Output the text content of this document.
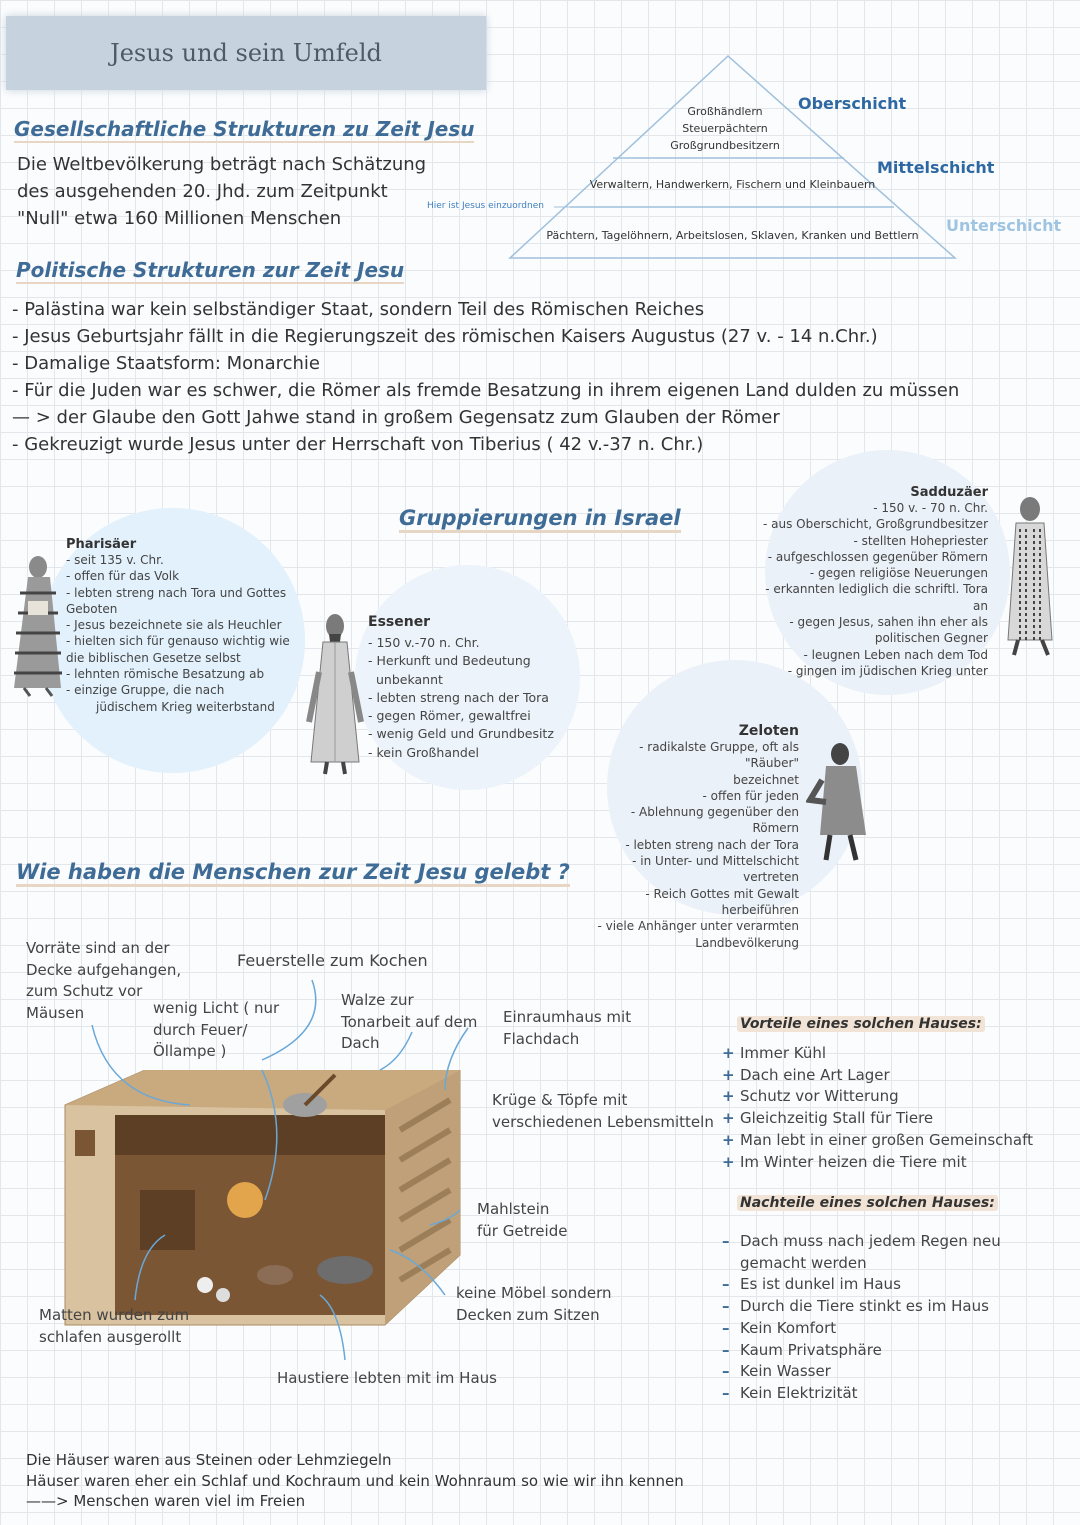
Jesus und sein Umfeld
Gesellschaftliche Strukturen zu Zeit Jesu
Die Weltbevölkerung beträgt nach Schätzung
des ausgehenden 20. Jhd. zum Zeitpunkt
"Null" etwa 160 Millionen Menschen
Großhändlern
Steuerpächtern
Großgrundbesitzern
Verwaltern, Handwerkern, Fischern und Kleinbauern
Pächtern, Tagelöhnern, Arbeitslosen, Sklaven, Kranken und Bettlern
Hier ist Jesus einzuordnen
Oberschicht
Mittelschicht
Unterschicht
Politische Strukturen zur Zeit Jesu
- Palästina war kein selbständiger Staat, sondern Teil des Römischen Reiches
- Jesus Geburtsjahr fällt in die Regierungszeit des römischen Kaisers Augustus (27 v. - 14 n.Chr.)
- Damalige Staatsform: Monarchie
- Für die Juden war es schwer, die Römer als fremde Besatzung in ihrem eigenen Land dulden zu müssen
— > der Glaube den Gott Jahwe stand in großem Gegensatz zum Glauben der Römer
- Gekreuzigt wurde Jesus unter der Herrschaft von Tiberius ( 42 v.-37 n. Chr.)
Gruppierungen in Israel
Pharisäer
- seit 135 v. Chr.
- offen für das Volk
- lebten streng nach Tora und Gottes Geboten
- Jesus bezeichnete sie als Heuchler
- hielten sich für genauso wichtig wie die biblischen Gesetze selbst
- lehnten römische Besatzung ab
- einzige Gruppe, die nach
jüdischem Krieg weiterbstand
Essener
- 150 v.-70 n. Chr.
- Herkunft und Bedeutung
unbekannt
- lebten streng nach der Tora
- gegen Römer, gewaltfrei
- wenig Geld und Grundbesitz
- kein Großhandel
Sadduzäer
- 150 v. - 70 n. Chr.
- aus Oberschicht, Großgrundbesitzer
- stellten Hohepriester
- aufgeschlossen gegenüber Römern
- gegen religiöse Neuerungen
- erkannten lediglich die schriftl. Tora an
- gegen Jesus, sahen ihn eher als
politischen Gegner
- leugnen Leben nach dem Tod
- gingen im jüdischen Krieg unter
Zeloten
- radikalste Gruppe, oft als "Räuber"
bezeichnet
- offen für jeden
- Ablehnung gegenüber den Römern
- lebten streng nach der Tora
- in Unter- und Mittelschicht vertreten
- Reich Gottes mit Gewalt
herbeiführen
- viele Anhänger unter verarmten
Landbevölkerung
Wie haben die Menschen zur Zeit Jesu gelebt ?
Vorräte sind an der
Decke aufgehangen,
zum Schutz vor
Mäusen
Feuerstelle zum Kochen
wenig Licht ( nur
durch Feuer/
Öllampe )
Walze zur
Tonarbeit auf dem
Dach
Einraumhaus mit
Flachdach
Krüge & Töpfe mit
verschiedenen Lebensmitteln
Mahlstein
für Getreide
keine Möbel sondern
Decken zum Sitzen
Matten wurden zum
schlafen ausgerollt
Haustiere lebten mit im Haus
Die Häuser waren aus Steinen oder Lehmziegeln
Häuser waren eher ein Schlaf und Kochraum und kein Wohnraum so wie wir ihn kennen
——> Menschen waren viel im Freien
Vorteile eines solchen Hauses:
+ Immer Kühl
+ Dach eine Art Lager
+ Schutz vor Witterung
+ Gleichzeitig Stall für Tiere
+ Man lebt in einer großen Gemeinschaft
+ Im Winter heizen die Tiere mit
Nachteile eines solchen Hauses:
– Dach muss nach jedem Regen neu gemacht werden
– Es ist dunkel im Haus
– Durch die Tiere stinkt es im Haus
– Kein Komfort
– Kaum Privatsphäre
– Kein Wasser
– Kein Elektrizität
